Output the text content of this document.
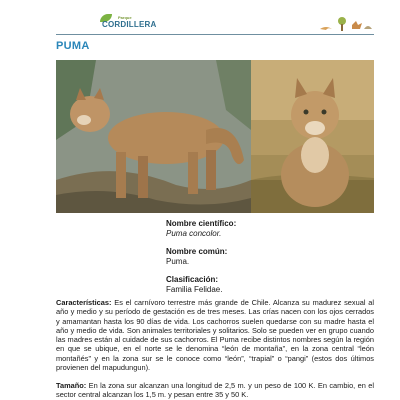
Parque
CORDILLERA
PUMA
Nombre científico:
Puma concolor.
Nombre común:
Puma.
Clasificación:
Familia Felidae.
Características: Es el carnívoro terrestre más grande de Chile. Alcanza su madurez sexual al año y medio y su período de gestación es de tres meses. Las crías nacen con los ojos cerrados y amamantan hasta los 90 días de vida. Los cachorros suelen quedarse con su madre hasta el año y medio de vida. Son animales territoriales y solitarios. Solo se pueden ver en grupo cuando las madres están al cuidade de sus cachorros. El Puma recibe distintos nombres según la región en que se ubique, en el norte se le denomina “león de montaña”, en la zona central “león montañés” y en la zona sur se le conoce como “león”, “trapial” o “pangi” (estos dos últimos provienen del mapudungun).
Tamaño: En la zona sur alcanzan una longitud de 2,5 m. y un peso de 100 K. En cambio, en el sector central alcanzan los 1,5 m. y pesan entre 35 y 50 K.
